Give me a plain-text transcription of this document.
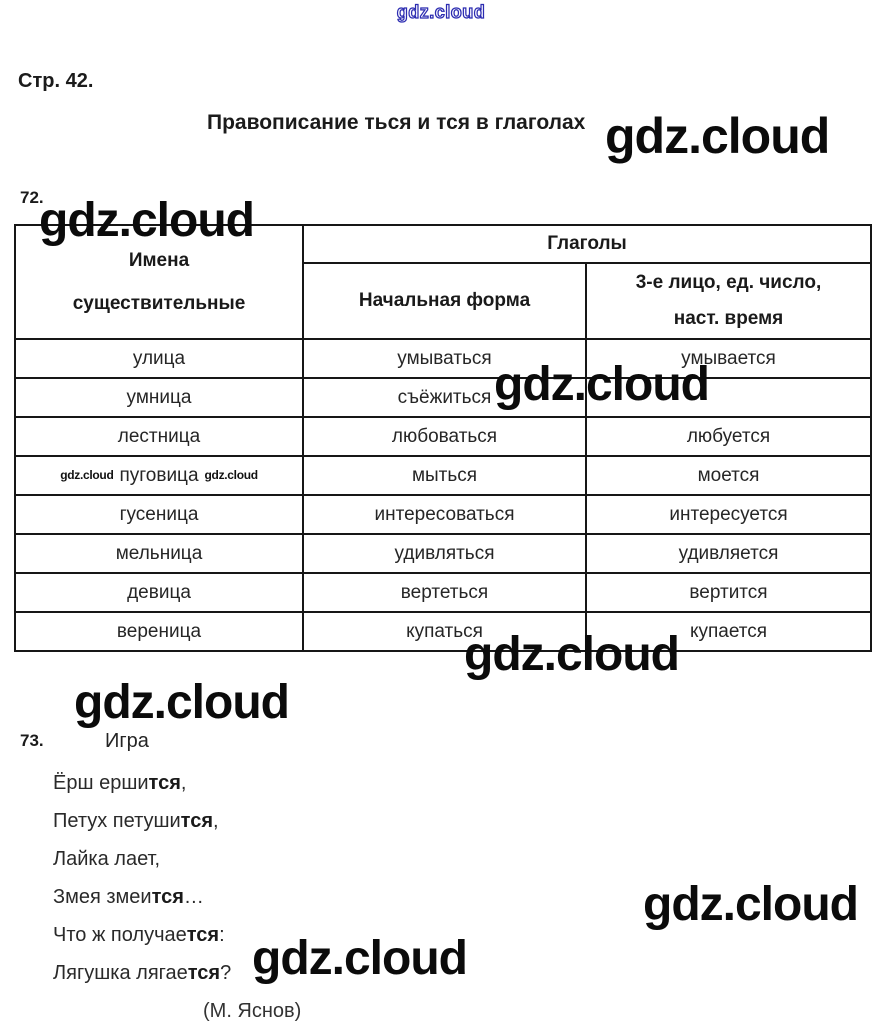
gdz.cloud
gdz.cloud
gdz.cloud
gdz.cloud
gdz.cloud
gdz.cloud
gdz.cloud
gdz.cloud
Стр. 42.
Правописание ться и тся в глаголах
72.
Имена существительные	Глаголы	
	Начальная форма	3-е лицо, ед. число, наст. время

улица	умываться	умывается
умница	съёжиться	
лестница	любоваться	любуется
gdz.cloud пуговица gdz.cloud	мыться	моется
гусеница	интересоваться	интересуется
мельница	удивляться	удивляется
девица	вертеться	вертится
вереница	купаться	купается
73.	Игра
Ёрш ершится,
Петух петушится,
Лайка лает,
Змея змеится…
Что ж получается:
Лягушка лягается?
(М. Яснов)
